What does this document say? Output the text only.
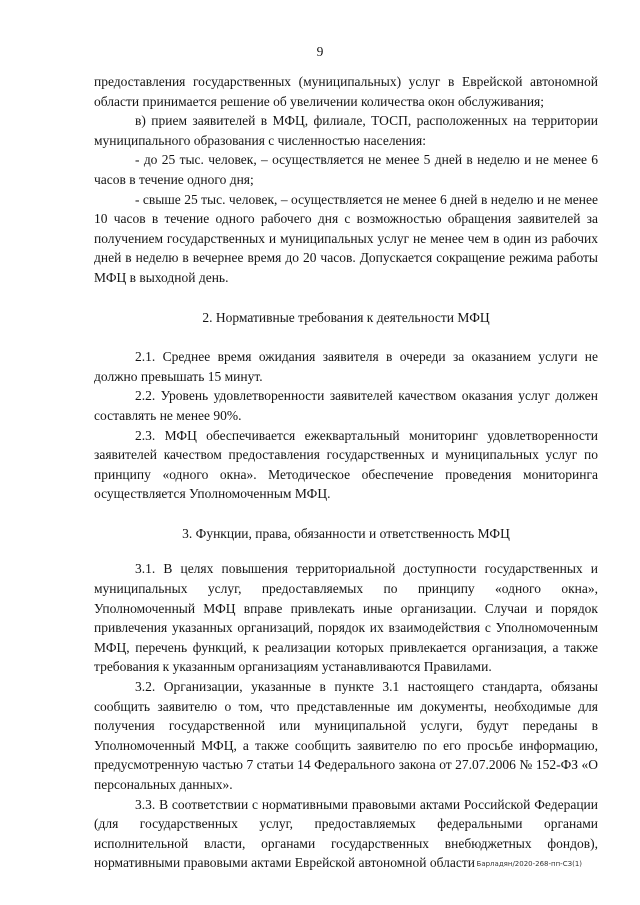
9

предоставления государственных (муниципальных) услуг в Еврейской автономной области принимается решение об увеличении количества окон обслуживания;

в) прием заявителей в МФЦ, филиале, ТОСП, расположенных на территории муниципального образования с численностью населения:

- до 25 тыс. человек, – осуществляется не менее 5 дней в неделю и не менее 6 часов в течение одного дня;

- свыше 25 тыс. человек, – осуществляется не менее 6 дней в неделю и не менее 10 часов в течение одного рабочего дня с возможностью обращения заявителей за получением государственных и муниципальных услуг не менее чем в один из рабочих дней в неделю в вечернее время до 20 часов. Допускается сокращение режима работы МФЦ в выходной день.

2. Нормативные требования к деятельности МФЦ

2.1. Среднее время ожидания заявителя в очереди за оказанием услуги не должно превышать 15 минут.

2.2. Уровень удовлетворенности заявителей качеством оказания услуг должен составлять не менее 90%.

2.3. МФЦ обеспечивается ежеквартальный мониторинг удовлетворенности заявителей качеством предоставления государственных и муниципальных услуг по принципу «одного окна». Методическое обеспечение проведения мониторинга осуществляется Уполномоченным МФЦ.

3. Функции, права, обязанности и ответственность МФЦ

3.1. В целях повышения территориальной доступности государственных и муниципальных услуг, предоставляемых по принципу «одного окна», Уполномоченный МФЦ вправе привлекать иные организации. Случаи и порядок привлечения указанных организаций, порядок их взаимодействия с Уполномоченным МФЦ, перечень функций, к реализации которых привлекается организация, а также требования к указанным организациям устанавливаются Правилами.

3.2. Организации, указанные в пункте 3.1 настоящего стандарта, обязаны сообщить заявителю о том, что представленные им документы, необходимые для получения государственной или муниципальной услуги, будут переданы в Уполномоченный МФЦ, а также сообщить заявителю по его просьбе информацию, предусмотренную частью 7 статьи 14 Федерального закона от 27.07.2006 № 152-ФЗ «О персональных данных».

3.3. В соответствии с нормативными правовыми актами Российской Федерации (для государственных услуг, предоставляемых федеральными органами исполнительной власти, органами государственных внебюджетных фондов), нормативными правовыми актами Еврейской автономной области Барладян/2020-268-пп-СЗ(1)
